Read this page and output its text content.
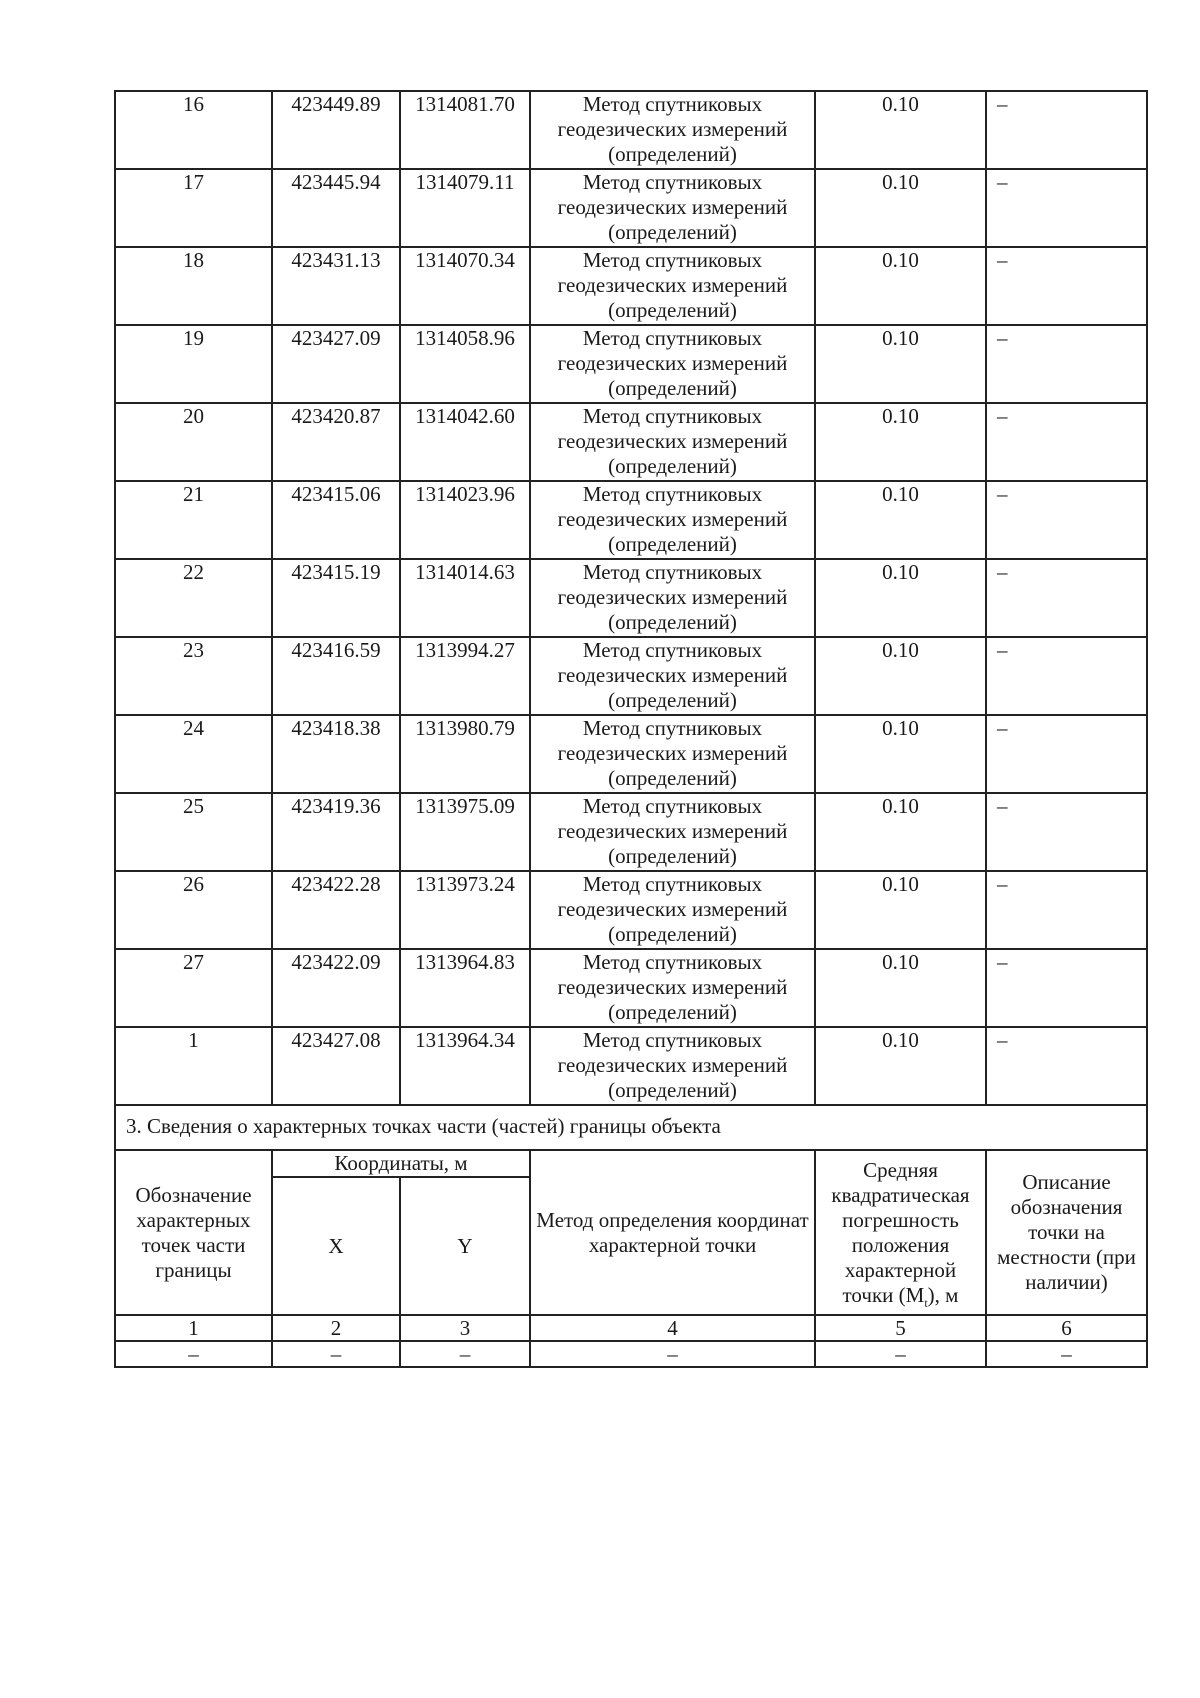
16	423449.89	1314081.70	Метод спутниковых геодезических измерений (определений)	0.10	–
17	423445.94	1314079.11	Метод спутниковых геодезических измерений (определений)	0.10	–
18	423431.13	1314070.34	Метод спутниковых геодезических измерений (определений)	0.10	–
19	423427.09	1314058.96	Метод спутниковых геодезических измерений (определений)	0.10	–
20	423420.87	1314042.60	Метод спутниковых геодезических измерений (определений)	0.10	–
21	423415.06	1314023.96	Метод спутниковых геодезических измерений (определений)	0.10	–
22	423415.19	1314014.63	Метод спутниковых геодезических измерений (определений)	0.10	–
23	423416.59	1313994.27	Метод спутниковых геодезических измерений (определений)	0.10	–
24	423418.38	1313980.79	Метод спутниковых геодезических измерений (определений)	0.10	–
25	423419.36	1313975.09	Метод спутниковых геодезических измерений (определений)	0.10	–
26	423422.28	1313973.24	Метод спутниковых геодезических измерений (определений)	0.10	–
27	423422.09	1313964.83	Метод спутниковых геодезических измерений (определений)	0.10	–
1	423427.08	1313964.34	Метод спутниковых геодезических измерений (определений)	0.10	–
3. Сведения о характерных точках части (частей) границы объекта					
Обозначение характерных точек части границы	Координаты, м		Метод определения координат характерной точки	Средняя квадратическая погрешность положения характерной точки $(M_t)$, м	Описание обозначения точки на местности (при наличии)
	X	Y			
1	2	3	4	5	6
–	–	–	–	–	–
